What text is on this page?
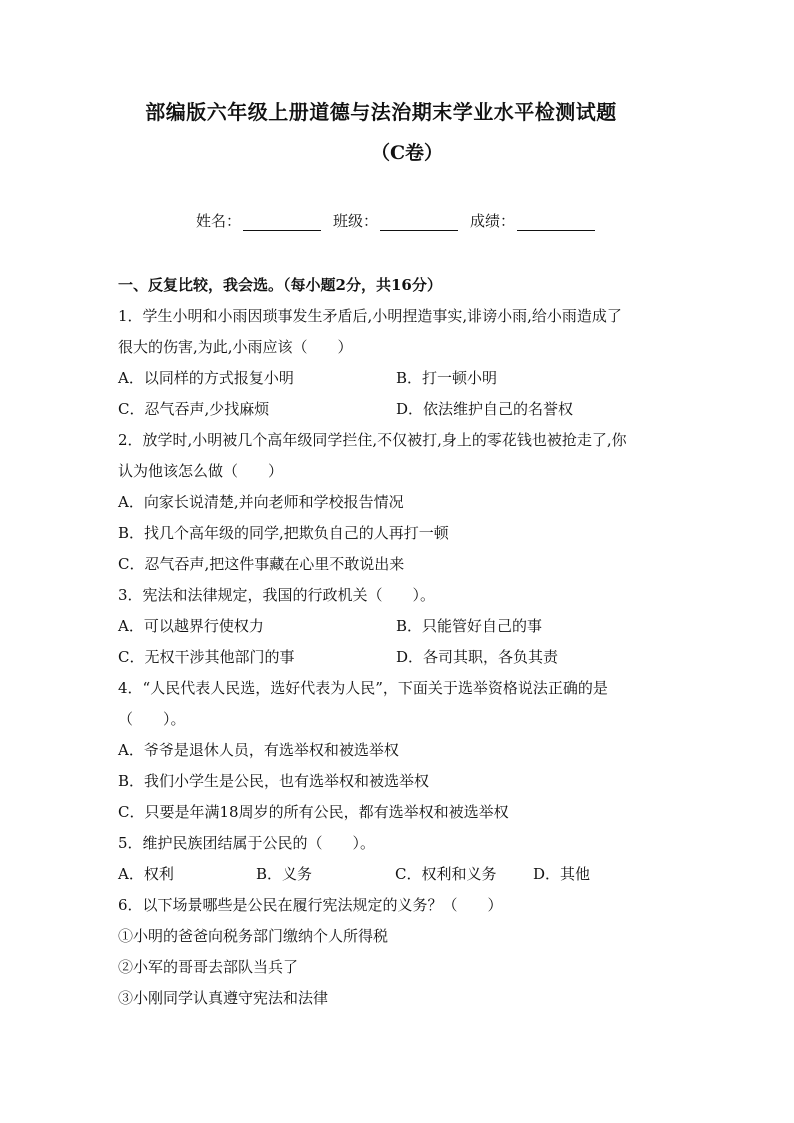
部编版六年级上册道德与法治期末学业水平检测试题
（C卷）
姓名：	班级：	成绩：
一、反复比较，我会选。（每小题2分，共16分）
1．学生小明和小雨因琐事发生矛盾后,小明捏造事实,诽谤小雨,给小雨造成了
很大的伤害,为此,小雨应该（　　）
A．以同样的方式报复小明	B．打一顿小明
C．忍气吞声,少找麻烦	D．依法维护自己的名誉权
2．放学时,小明被几个高年级同学拦住,不仅被打,身上的零花钱也被抢走了,你
认为他该怎么做（　　）
A．向家长说清楚,并向老师和学校报告情况
B．找几个高年级的同学,把欺负自己的人再打一顿
C．忍气吞声,把这件事藏在心里不敢说出来
3．宪法和法律规定，我国的行政机关（　　）。
A．可以越界行使权力	B．只能管好自己的事
C．无权干涉其他部门的事	D．各司其职，各负其责
4．“人民代表人民选，选好代表为人民”，下面关于选举资格说法正确的是
（　　）。
A．爷爷是退休人员，有选举权和被选举权
B．我们小学生是公民，也有选举权和被选举权
C．只要是年满18周岁的所有公民，都有选举权和被选举权
5．维护民族团结属于公民的（　　）。
A．权利	B．义务	C．权利和义务	D．其他
6．以下场景哪些是公民在履行宪法规定的义务？（　　）
①小明的爸爸向税务部门缴纳个人所得税
②小军的哥哥去部队当兵了
③小刚同学认真遵守宪法和法律
